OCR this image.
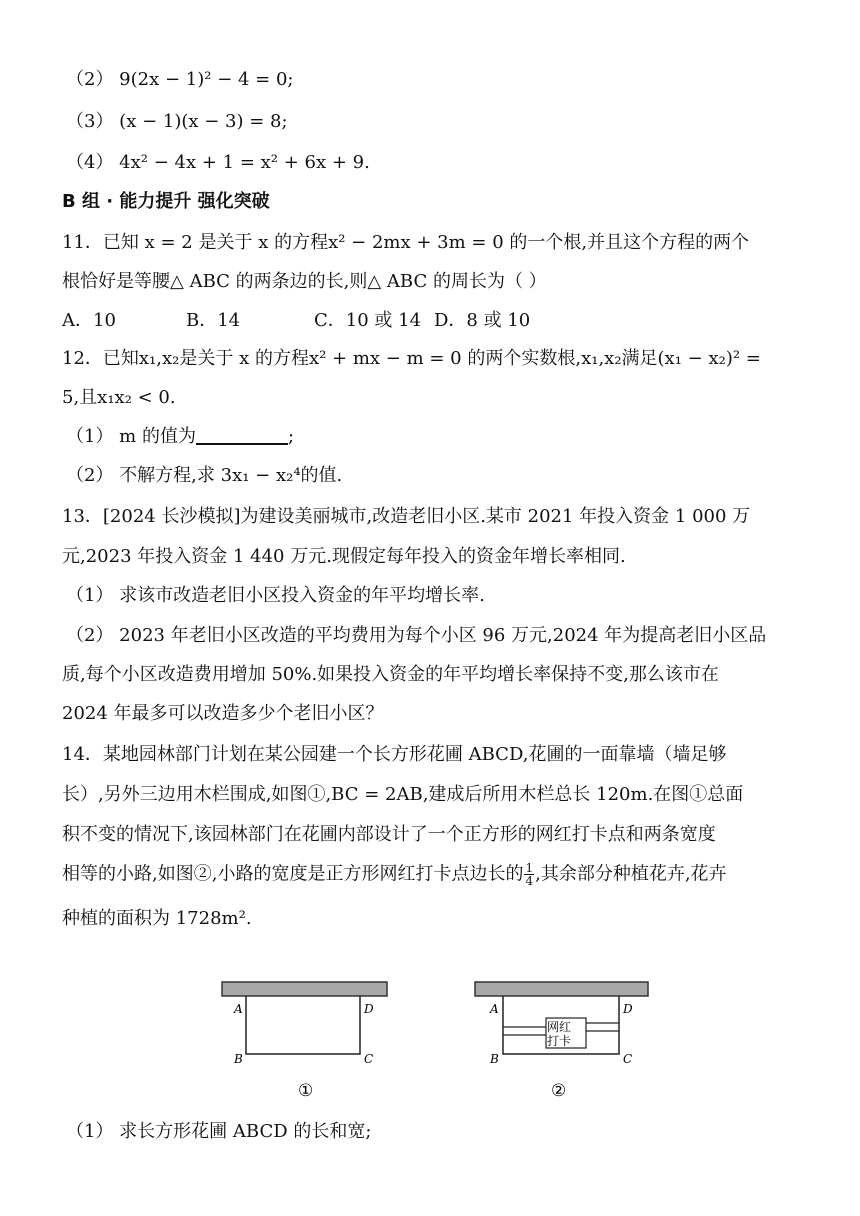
（2） 9(2x − 1)² − 4 = 0;
（3） (x − 1)(x − 3) = 8;
（4） 4x² − 4x + 1 = x² + 6x + 9.
B 组 · 能力提升 强化突破
11．已知 x = 2 是关于 x 的方程x² − 2mx + 3m = 0 的一个根,并且这个方程的两个
根恰好是等腰△ ABC 的两条边的长,则△ ABC 的周长为（ ）
A．10	B．14	C．10 或 14 D．8 或 10
12．已知x₁,x₂是关于 x 的方程x² + mx − m = 0 的两个实数根,x₁,x₂满足(x₁ − x₂)² =
5,且x₁x₂ < 0.
（1） m 的值为	;
（2） 不解方程,求 3x₁ − x₂⁴的值.
13．[2024 长沙模拟]为建设美丽城市,改造老旧小区.某市 2021 年投入资金 1 000 万
元,2023 年投入资金 1 440 万元.现假定每年投入的资金年增长率相同.
（1） 求该市改造老旧小区投入资金的年平均增长率.
（2） 2023 年老旧小区改造的平均费用为每个小区 96 万元,2024 年为提高老旧小区品
质,每个小区改造费用增加 50%.如果投入资金的年平均增长率保持不变,那么该市在
2024 年最多可以改造多少个老旧小区？
14．某地园林部门计划在某公园建一个长方形花圃 ABCD,花圃的一面靠墙（墙足够
长）,另外三边用木栏围成,如图①,BC = 2AB,建成后所用木栏总长 120m.在图①总面
积不变的情况下,该园林部门在花圃内部设计了一个正方形的网红打卡点和两条宽度
相等的小路,如图②,小路的宽度是正方形网红打卡点边长的 $\frac{1}{4}$ ,其余部分种植花卉,花卉
种植的面积为 1728m².
A	D
B	C
①
网红
打卡
A	D
B	C
②
（1） 求长方形花圃 ABCD 的长和宽;
